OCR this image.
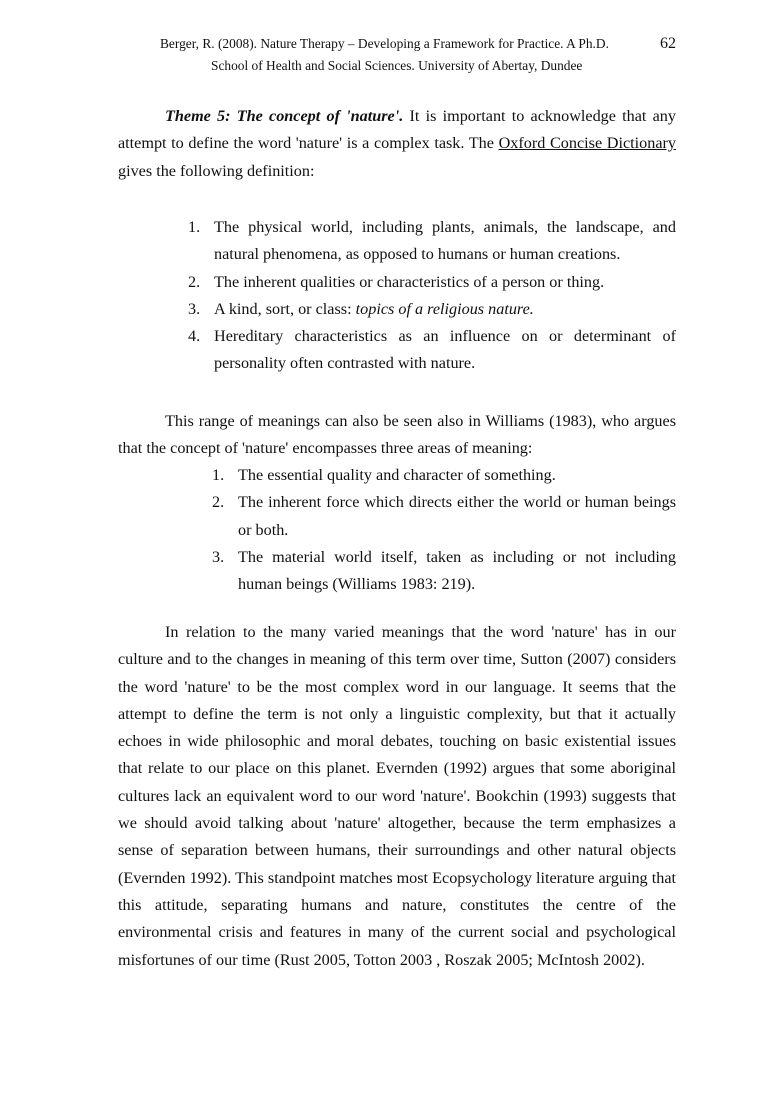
Berger, R. (2008). Nature Therapy – Developing a Framework for Practice. A Ph.D.	62
School of Health and Social Sciences. University of Abertay, Dundee

Theme 5: The concept of 'nature'. It is important to acknowledge that any attempt to define the word 'nature' is a complex task. The Oxford Concise Dictionary gives the following definition:

1. The physical world, including plants, animals, the landscape, and natural phenomena, as opposed to humans or human creations.
2. The inherent qualities or characteristics of a person or thing.
3. A kind, sort, or class: topics of a religious nature.
4. Hereditary characteristics as an influence on or determinant of personality often contrasted with nature.

This range of meanings can also be seen also in Williams (1983), who argues that the concept of 'nature' encompasses three areas of meaning:

1. The essential quality and character of something.
2. The inherent force which directs either the world or human beings or both.
3. The material world itself, taken as including or not including human beings (Williams 1983: 219).

In relation to the many varied meanings that the word 'nature' has in our culture and to the changes in meaning of this term over time, Sutton (2007) considers the word 'nature' to be the most complex word in our language. It seems that the attempt to define the term is not only a linguistic complexity, but that it actually echoes in wide philosophic and moral debates, touching on basic existential issues that relate to our place on this planet. Evernden (1992) argues that some aboriginal cultures lack an equivalent word to our word 'nature'. Bookchin (1993) suggests that we should avoid talking about 'nature' altogether, because the term emphasizes a sense of separation between humans, their surroundings and other natural objects (Evernden 1992). This standpoint matches most Ecopsychology literature arguing that this attitude, separating humans and nature, constitutes the centre of the environmental crisis and features in many of the current social and psychological misfortunes of our time (Rust 2005, Totton 2003 , Roszak 2005; McIntosh 2002).
